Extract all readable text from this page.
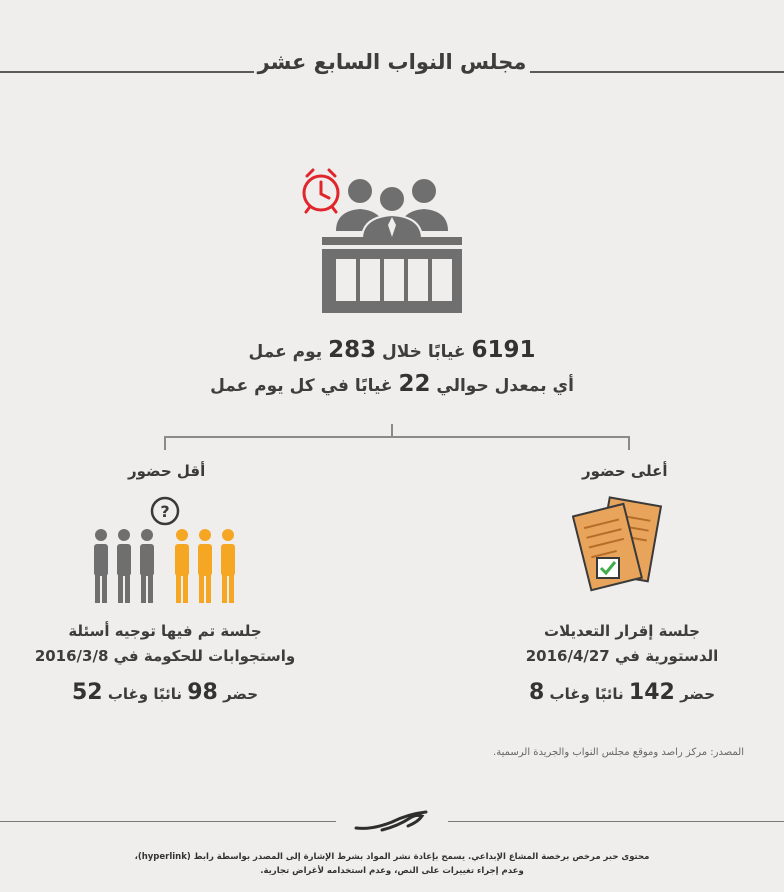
مجلس النواب السابع عشر
6191 غيابًا خلال 283 يوم عمل
أي بمعدل حوالي 22 غيابًا في كل يوم عمل
أعلى حضور
أقل حضور
?
جلسة إقرار التعديلات
الدستورية في 2016/4/27
جلسة تم فيها توجيه أسئلة
واستجوابات للحكومة في 2016/3/8
حضر 142 نائبًا وغاب 8
حضر 98 نائبًا وغاب 52
المصدر: مركز راصد وموقع مجلس النواب والجريدة الرسمية.
محتوى حبر مرخص برخصة المشاع الإبداعي. يسمح بإعادة نشر المواد بشرط الإشارة إلى المصدر بواسطة رابط (hyperlink)،
وعدم إجراء تغييرات على النص، وعدم استخدامه لأغراض تجارية.
